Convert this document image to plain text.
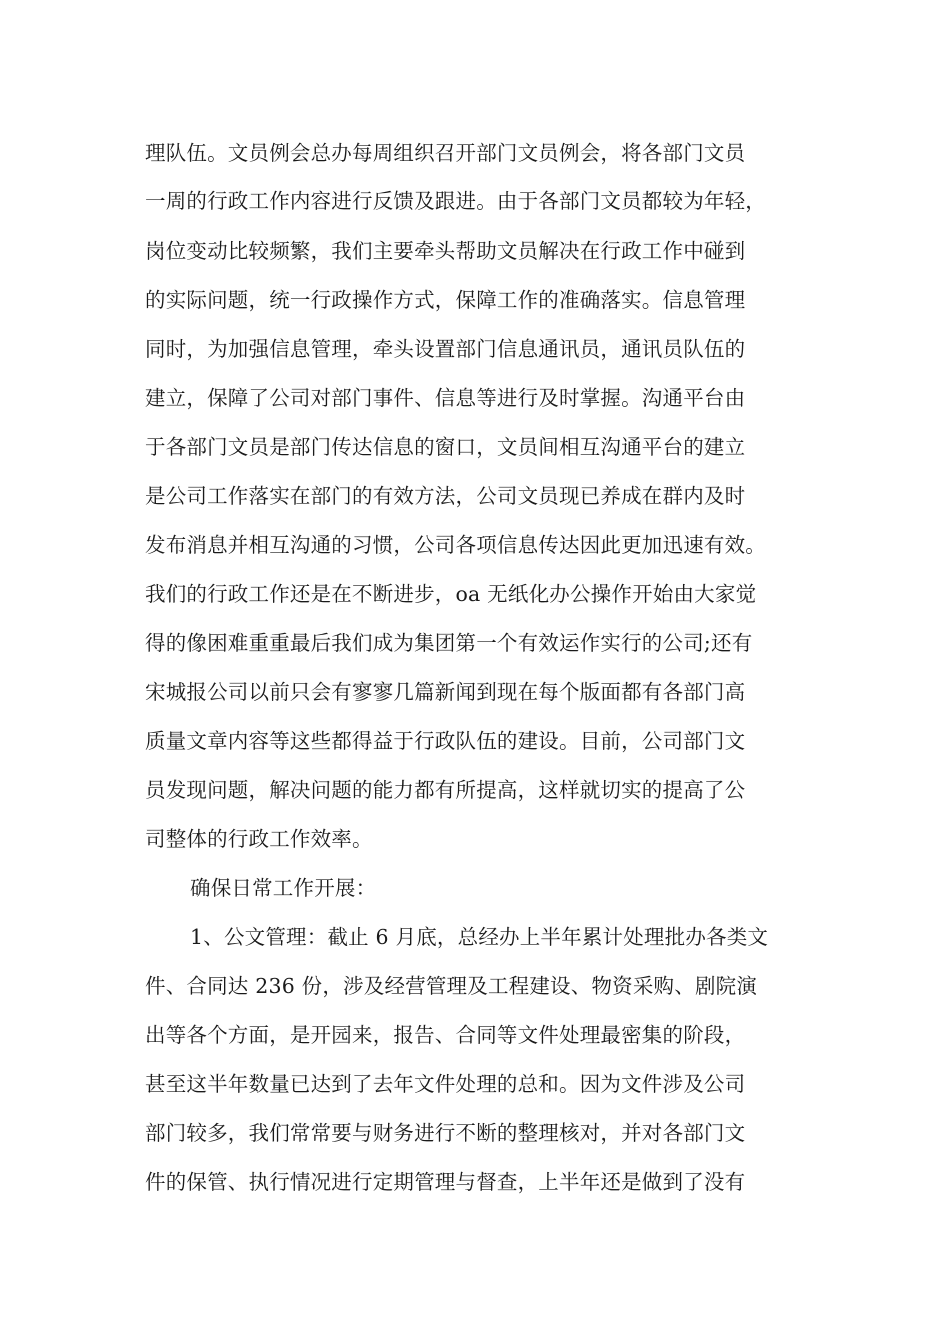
理队伍。文员例会总办每周组织召开部门文员例会，将各部门文员
一周的行政工作内容进行反馈及跟进。由于各部门文员都较为年轻，
岗位变动比较频繁，我们主要牵头帮助文员解决在行政工作中碰到
的实际问题，统一行政操作方式，保障工作的准确落实。信息管理
同时，为加强信息管理，牵头设置部门信息通讯员，通讯员队伍的
建立，保障了公司对部门事件、信息等进行及时掌握。沟通平台由
于各部门文员是部门传达信息的窗口，文员间相互沟通平台的建立
是公司工作落实在部门的有效方法，公司文员现已养成在群内及时
发布消息并相互沟通的习惯，公司各项信息传达因此更加迅速有效。
我们的行政工作还是在不断进步，oa 无纸化办公操作开始由大家觉
得的像困难重重最后我们成为集团第一个有效运作实行的公司;还有
宋城报公司以前只会有寥寥几篇新闻到现在每个版面都有各部门高
质量文章内容等这些都得益于行政队伍的建设。目前，公司部门文
员发现问题，解决问题的能力都有所提高，这样就切实的提高了公
司整体的行政工作效率。
确保日常工作开展：
1、公文管理：截止 6 月底，总经办上半年累计处理批办各类文
件、合同达 236 份，涉及经营管理及工程建设、物资采购、剧院演
出等各个方面，是开园来，报告、合同等文件处理最密集的阶段，
甚至这半年数量已达到了去年文件处理的总和。因为文件涉及公司
部门较多，我们常常要与财务进行不断的整理核对，并对各部门文
件的保管、执行情况进行定期管理与督查，上半年还是做到了没有
